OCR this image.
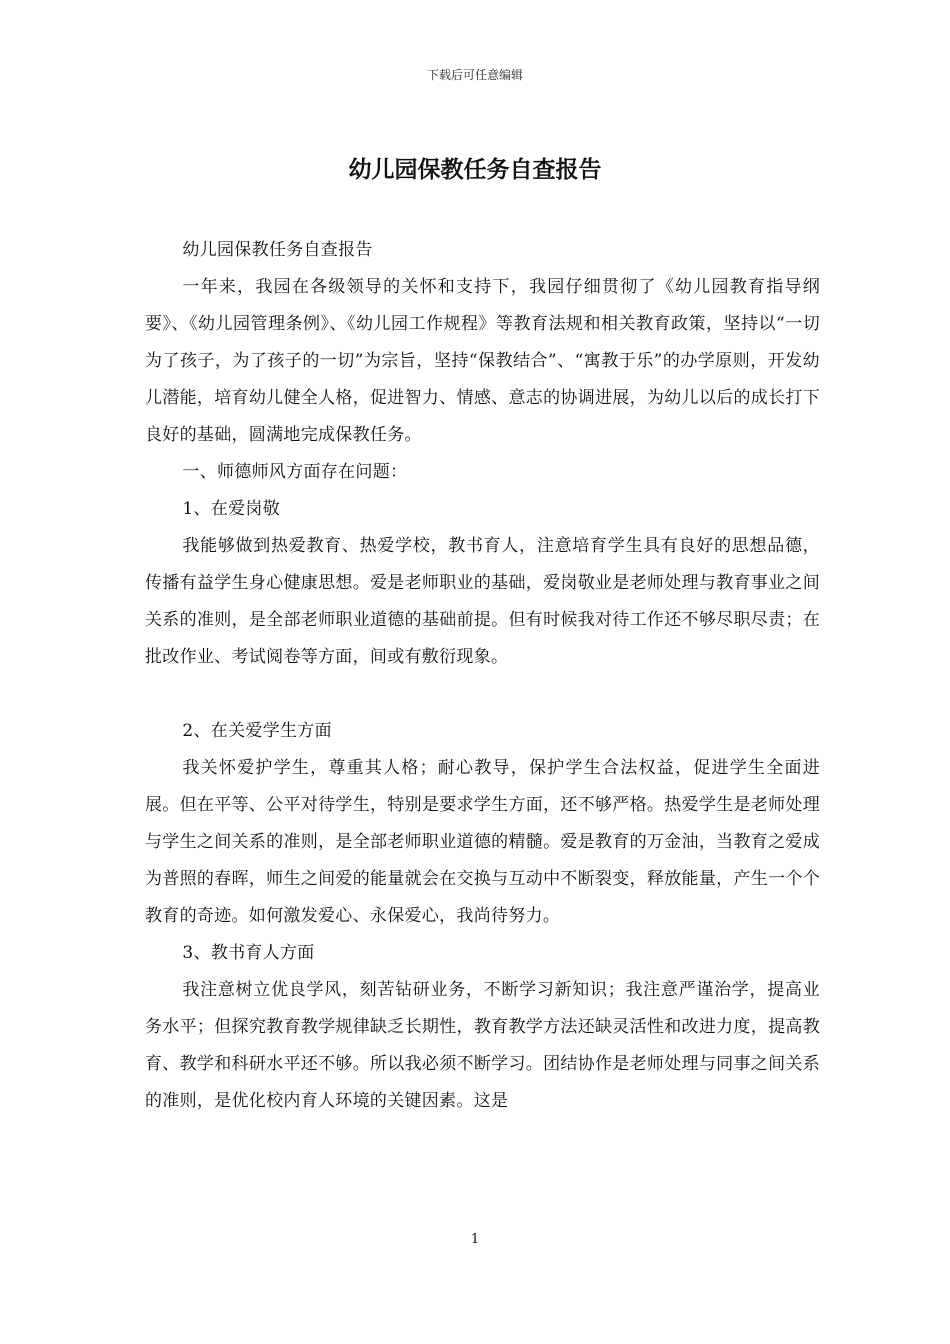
下载后可任意编辑
幼儿园保教任务自查报告

幼儿园保教任务自查报告

一年来，我园在各级领导的关怀和支持下，我园仔细贯彻了《幼儿园教育指导纲要》、《幼儿园管理条例》、《幼儿园工作规程》等教育法规和相关教育政策，坚持以“一切为了孩子，为了孩子的一切”为宗旨，坚持“保教结合”、“寓教于乐”的办学原则，开发幼儿潜能，培育幼儿健全人格，促进智力、情感、意志的协调进展，为幼儿以后的成长打下良好的基础，圆满地完成保教任务。

一、师德师风方面存在问题：

1、在爱岗敬

我能够做到热爱教育、热爱学校，教书育人，注意培育学生具有良好的思想品德，传播有益学生身心健康思想。爱是老师职业的基础，爱岗敬业是老师处理与教育事业之间关系的准则，是全部老师职业道德的基础前提。但有时候我对待工作还不够尽职尽责；在批改作业、考试阅卷等方面，间或有敷衍现象。

2、在关爱学生方面

我关怀爱护学生，尊重其人格；耐心教导，保护学生合法权益，促进学生全面进展。但在平等、公平对待学生，特别是要求学生方面，还不够严格。热爱学生是老师处理与学生之间关系的准则，是全部老师职业道德的精髓。爱是教育的万金油，当教育之爱成为普照的春晖，师生之间爱的能量就会在交换与互动中不断裂变，释放能量，产生一个个教育的奇迹。如何激发爱心、永保爱心，我尚待努力。

3、教书育人方面

我注意树立优良学风，刻苦钻研业务，不断学习新知识；我注意严谨治学，提高业务水平；但探究教育教学规律缺乏长期性，教育教学方法还缺灵活性和改进力度，提高教育、教学和科研水平还不够。所以我必须不断学习。团结协作是老师处理与同事之间关系的准则，是优化校内育人环境的关键因素。这是

1
